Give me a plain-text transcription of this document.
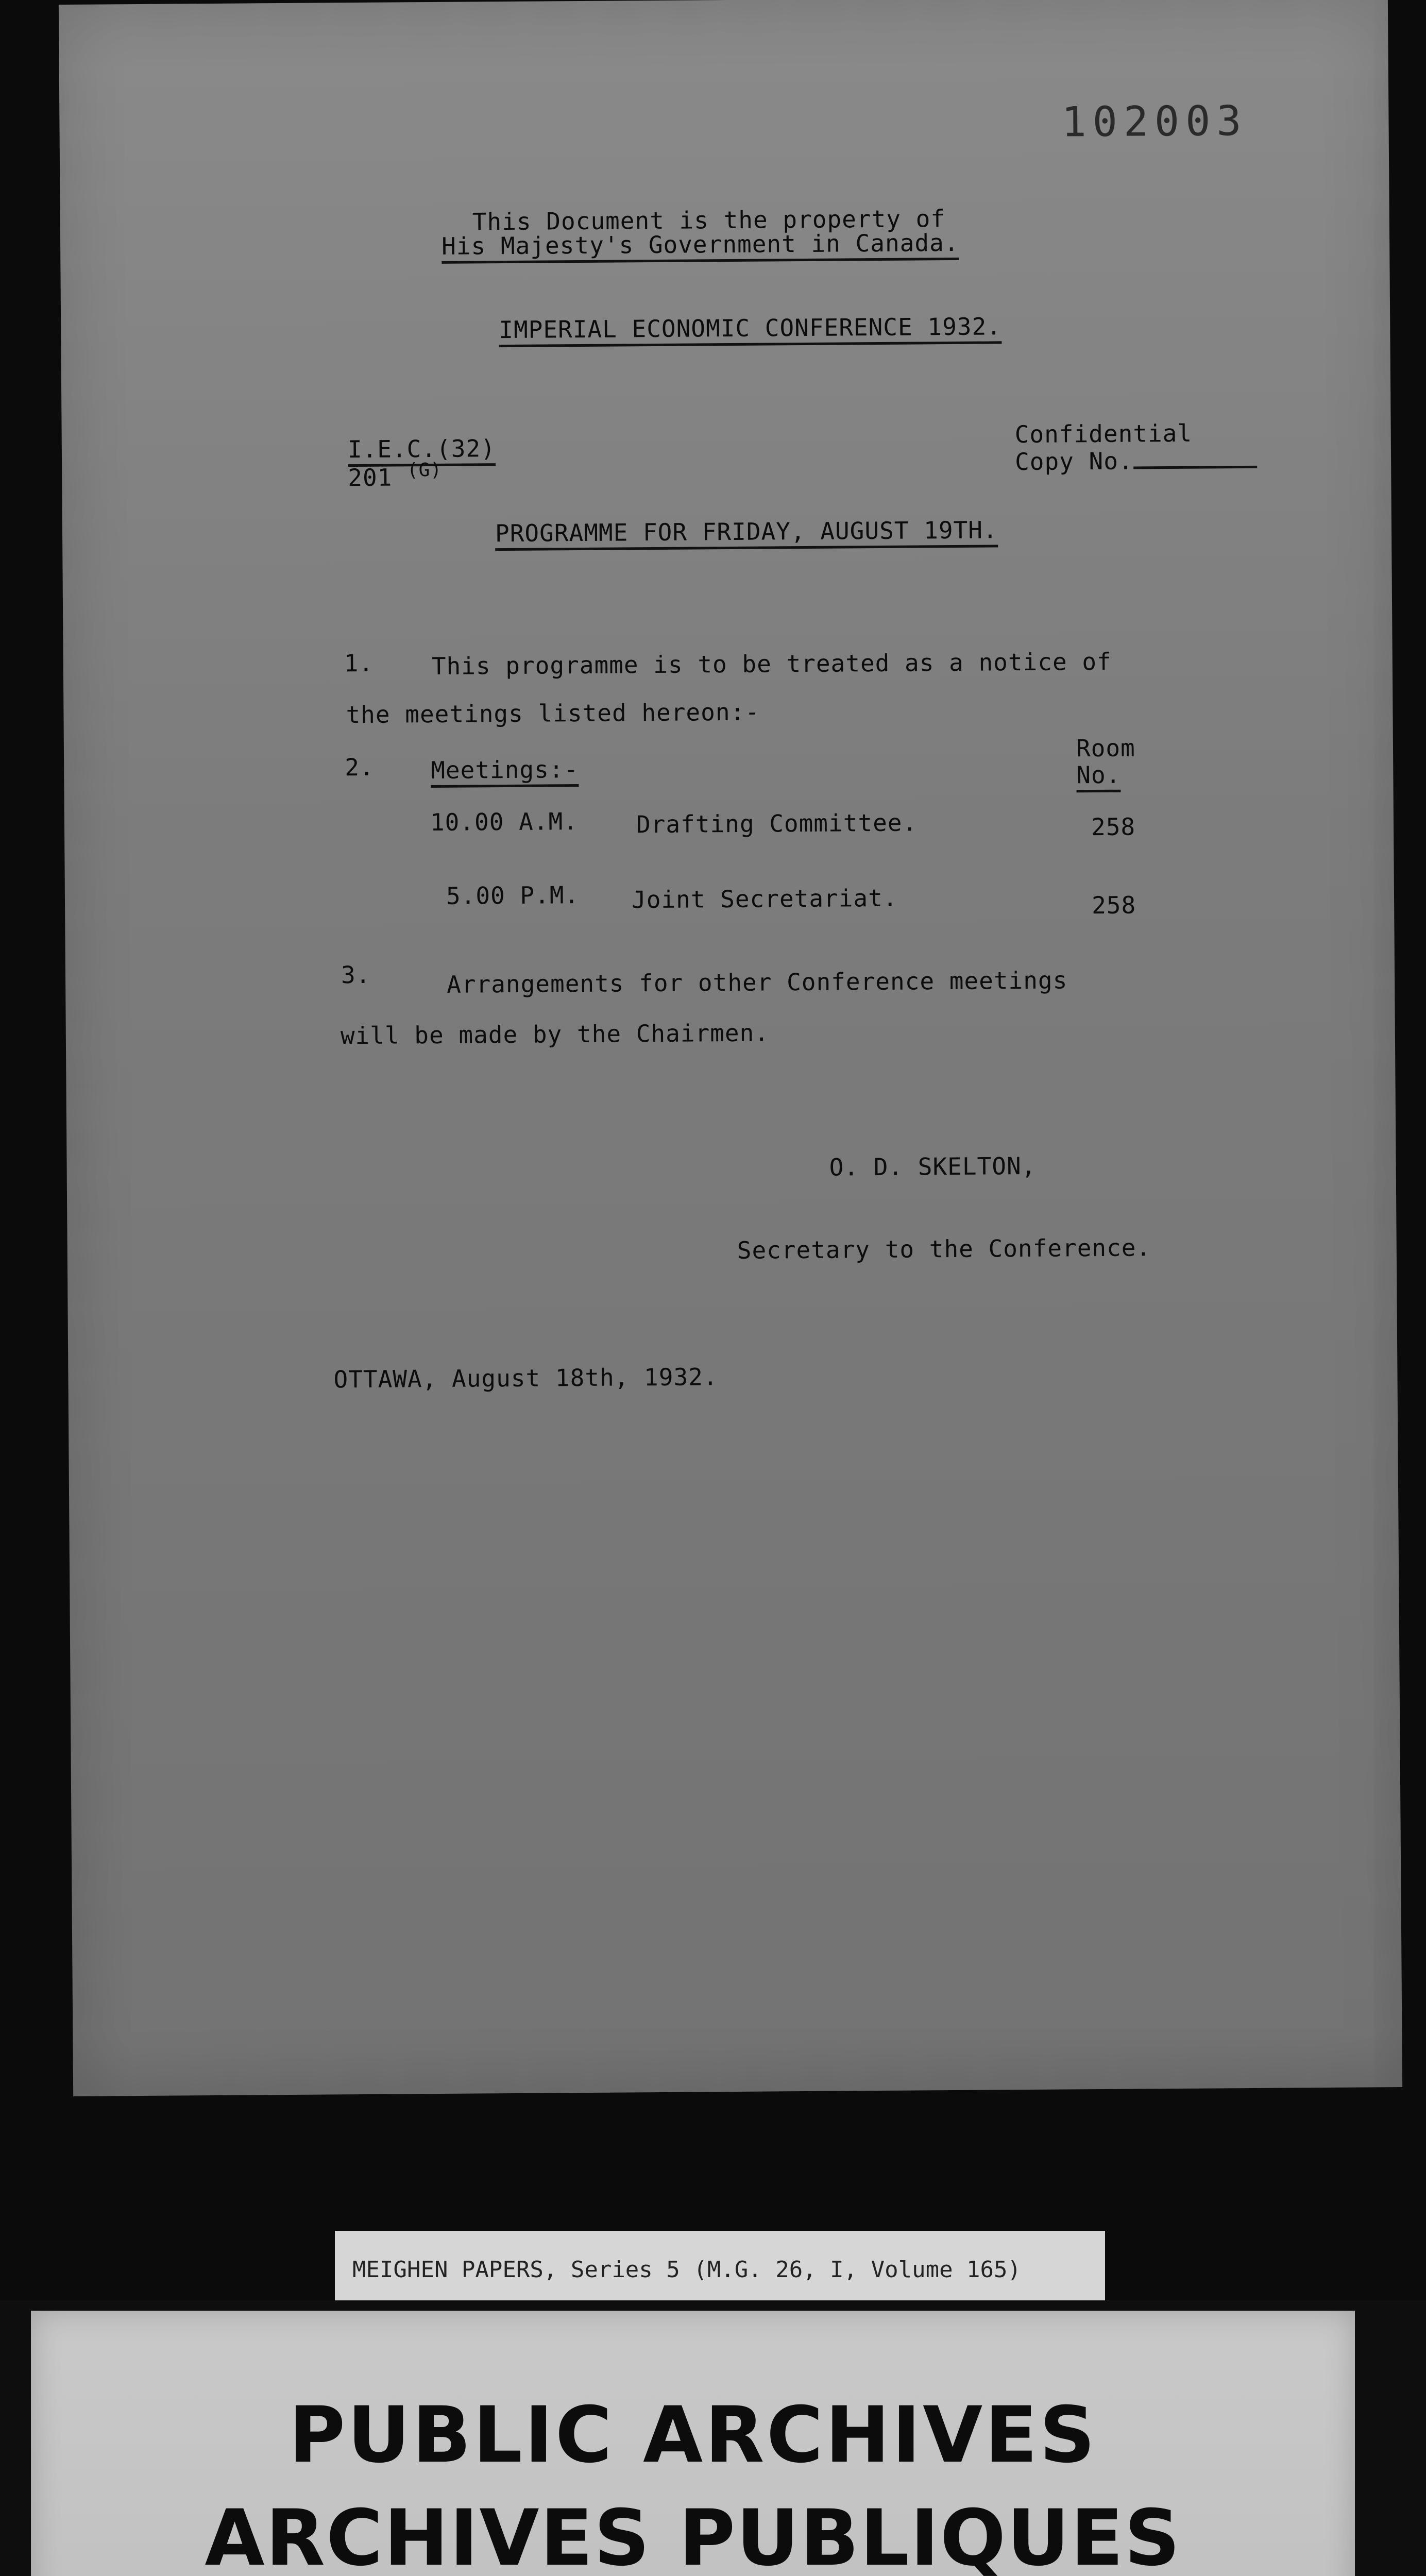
102003
This Document is the property of
His Majesty's Government in Canada.
IMPERIAL ECONOMIC CONFERENCE 1932.
I.E.C.(32)
201 $^{(G)}$
Confidential
Copy No.
PROGRAMME FOR FRIDAY, AUGUST 19TH.
1. This programme is to be treated as a notice of
the meetings listed hereon:-
2. Meetings:-
Room
No.
10.00 A.M. Drafting Committee.	258
5.00 P.M. Joint Secretariat.	258
3.	Arrangements for other Conference meetings
will be made by the Chairmen.
O. D. SKELTON,
Secretary to the Conference.
OTTAWA, August 18th, 1932.
MEIGHEN PAPERS, Series 5 (M.G. 26, I, Volume 165)
PUBLIC ARCHIVES
ARCHIVES PUBLIQUES
